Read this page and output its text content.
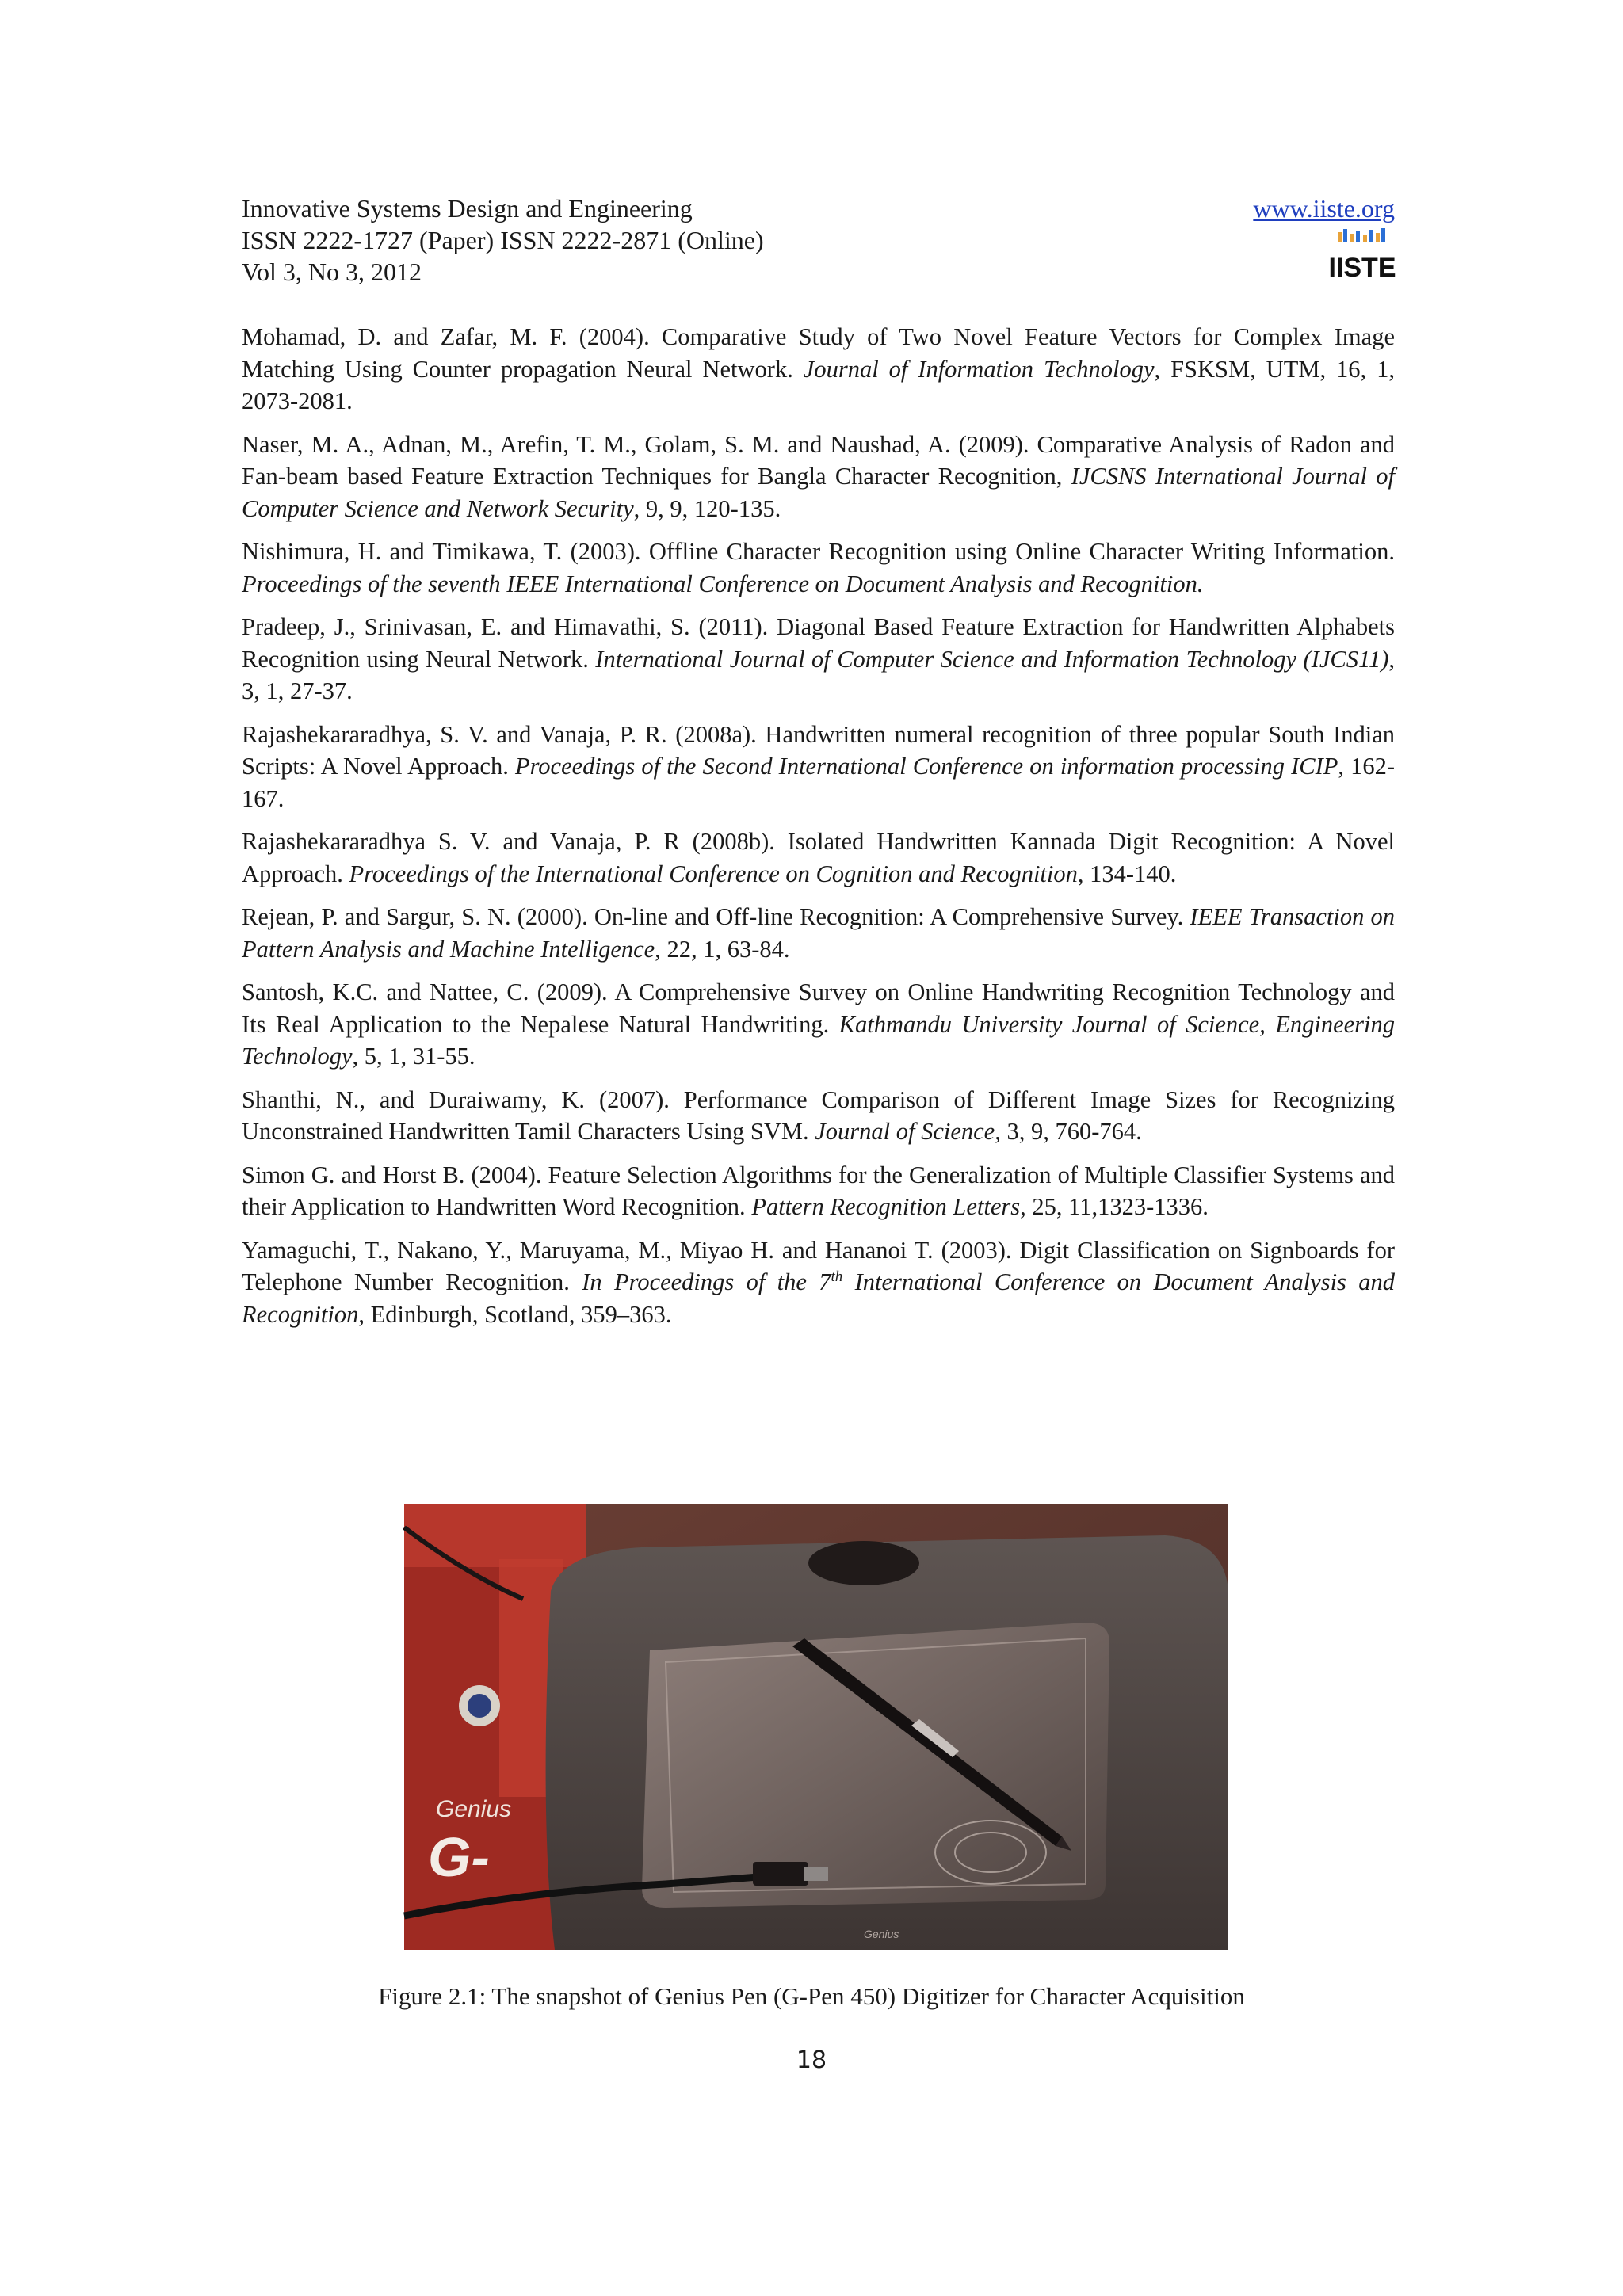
Innovative Systems Design and Engineering
ISSN 2222-1727 (Paper) ISSN 2222-2871 (Online)
Vol 3, No 3, 2012
www.iiste.org
IISTE

Mohamad, D. and Zafar, M. F. (2004). Comparative Study of Two Novel Feature Vectors for Complex Image Matching Using Counter propagation Neural Network. Journal of Information Technology, FSKSM, UTM, 16, 1, 2073-2081.

Naser, M. A., Adnan, M., Arefin, T. M., Golam, S. M. and Naushad, A. (2009). Comparative Analysis of Radon and Fan-beam based Feature Extraction Techniques for Bangla Character Recognition, IJCSNS International Journal of Computer Science and Network Security, 9, 9, 120-135.

Nishimura, H. and Timikawa, T. (2003). Offline Character Recognition using Online Character Writing Information. Proceedings of the seventh IEEE International Conference on Document Analysis and Recognition.

Pradeep, J., Srinivasan, E. and Himavathi, S. (2011). Diagonal Based Feature Extraction for Handwritten Alphabets Recognition using Neural Network. International Journal of Computer Science and Information Technology (IJCS11), 3, 1, 27-37.

Rajashekararadhya, S. V. and Vanaja, P. R. (2008a). Handwritten numeral recognition of three popular South Indian Scripts: A Novel Approach. Proceedings of the Second International Conference on information processing ICIP, 162-167.

Rajashekararadhya S. V. and Vanaja, P. R (2008b). Isolated Handwritten Kannada Digit Recognition: A Novel Approach. Proceedings of the International Conference on Cognition and Recognition, 134-140.

Rejean, P. and Sargur, S. N. (2000). On-line and Off-line Recognition: A Comprehensive Survey. IEEE Transaction on Pattern Analysis and Machine Intelligence, 22, 1, 63-84.

Santosh, K.C. and Nattee, C. (2009). A Comprehensive Survey on Online Handwriting Recognition Technology and Its Real Application to the Nepalese Natural Handwriting. Kathmandu University Journal of Science, Engineering Technology, 5, 1, 31-55.

Shanthi, N., and Duraiwamy, K. (2007). Performance Comparison of Different Image Sizes for Recognizing Unconstrained Handwritten Tamil Characters Using SVM. Journal of Science, 3, 9, 760-764.

Simon G. and Horst B. (2004). Feature Selection Algorithms for the Generalization of Multiple Classifier Systems and their Application to Handwritten Word Recognition. Pattern Recognition Letters, 25, 11,1323-1336.

Yamaguchi, T., Nakano, Y., Maruyama, M., Miyao H. and Hananoi T. (2003). Digit Classification on Signboards for Telephone Number Recognition. In Proceedings of the 7th International Conference on Document Analysis and Recognition, Edinburgh, Scotland, 359–363.

Genius
G-
Genius
Figure 2.1: The snapshot of Genius Pen (G-Pen 450) Digitizer for Character Acquisition
18
